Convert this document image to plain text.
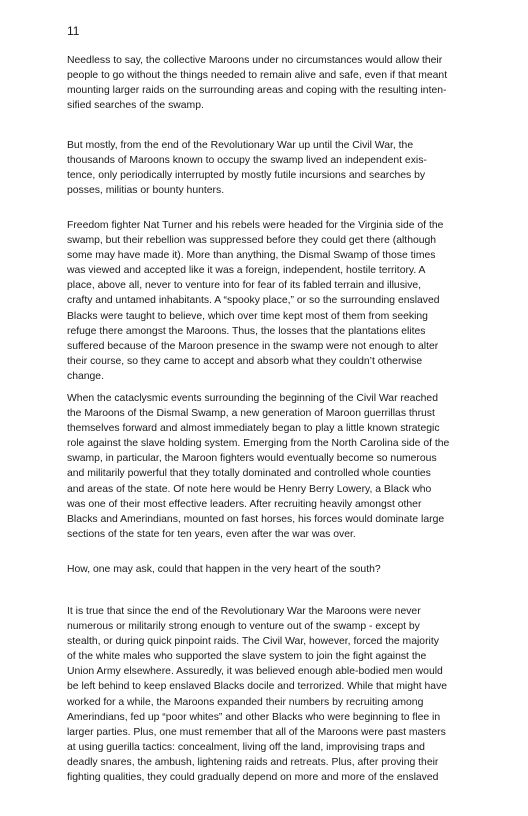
11

Needless to say, the collective Maroons under no circumstances would allow their
people to go without the things needed to remain alive and safe, even if that meant
mounting larger raids on the surrounding areas and coping with the resulting inten-
sified searches of the swamp.

But mostly, from the end of the Revolutionary War up until the Civil War, the
thousands of Maroons known to occupy the swamp lived an independent exis-
tence, only periodically interrupted by mostly futile incursions and searches by
posses, militias or bounty hunters.

Freedom fighter Nat Turner and his rebels were headed for the Virginia side of the
swamp, but their rebellion was suppressed before they could get there (although
some may have made it). More than anything, the Dismal Swamp of those times
was viewed and accepted like it was a foreign, independent, hostile territory. A
place, above all, never to venture into for fear of its fabled terrain and illusive,
crafty and untamed inhabitants. A “spooky place,” or so the surrounding enslaved
Blacks were taught to believe, which over time kept most of them from seeking
refuge there amongst the Maroons. Thus, the losses that the plantations elites
suffered because of the Maroon presence in the swamp were not enough to alter
their course, so they came to accept and absorb what they couldn’t otherwise
change.

When the cataclysmic events surrounding the beginning of the Civil War reached
the Maroons of the Dismal Swamp, a new generation of Maroon guerrillas thrust
themselves forward and almost immediately began to play a little known strategic
role against the slave holding system. Emerging from the North Carolina side of the
swamp, in particular, the Maroon fighters would eventually become so numerous
and militarily powerful that they totally dominated and controlled whole counties
and areas of the state. Of note here would be Henry Berry Lowery, a Black who
was one of their most effective leaders. After recruiting heavily amongst other
Blacks and Amerindians, mounted on fast horses, his forces would dominate large
sections of the state for ten years, even after the war was over.

How, one may ask, could that happen in the very heart of the south?

It is true that since the end of the Revolutionary War the Maroons were never
numerous or militarily strong enough to venture out of the swamp - except by
stealth, or during quick pinpoint raids. The Civil War, however, forced the majority
of the white males who supported the slave system to join the fight against the
Union Army elsewhere. Assuredly, it was believed enough able-bodied men would
be left behind to keep enslaved Blacks docile and terrorized. While that might have
worked for a while, the Maroons expanded their numbers by recruiting among
Amerindians, fed up “poor whites” and other Blacks who were beginning to flee in
larger parties. Plus, one must remember that all of the Maroons were past masters
at using guerilla tactics: concealment, living off the land, improvising traps and
deadly snares, the ambush, lightening raids and retreats. Plus, after proving their
fighting qualities, they could gradually depend on more and more of the enslaved
